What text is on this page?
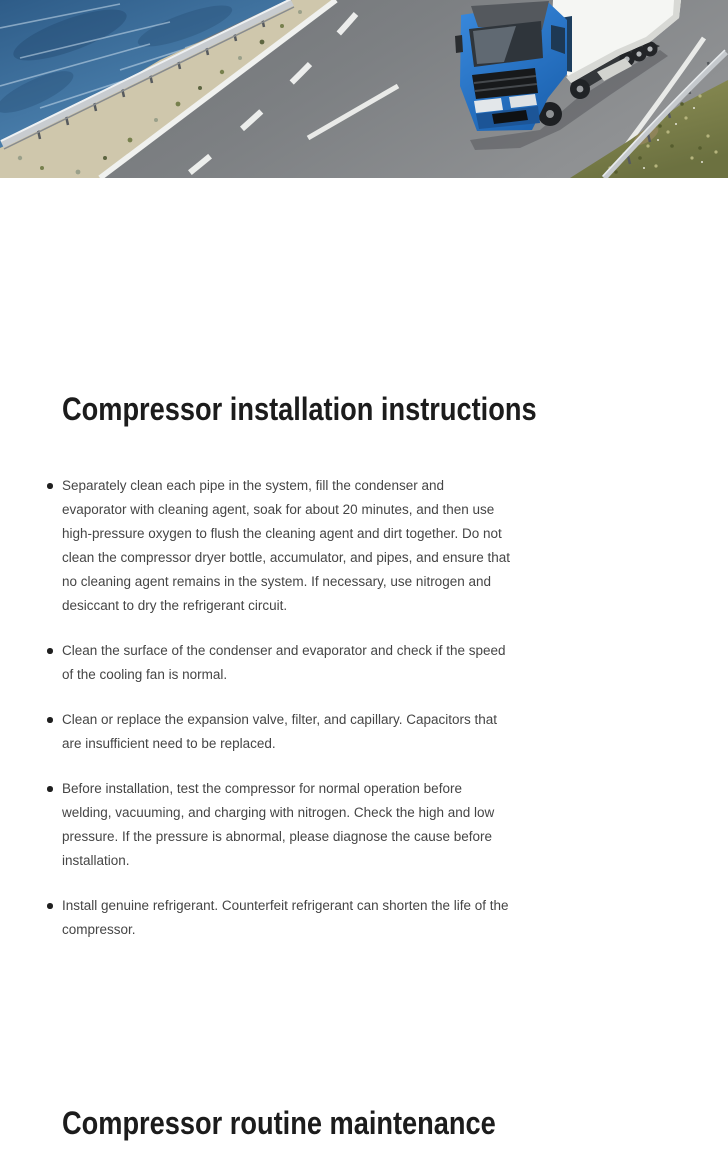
Compressor installation instructions
Separately clean each pipe in the system, fill the condenser and evaporator with cleaning agent, soak for about 20 minutes, and then use high-pressure oxygen to flush the cleaning agent and dirt together. Do not clean the compressor dryer bottle, accumulator, and pipes, and ensure that no cleaning agent remains in the system. If necessary, use nitrogen and desiccant to dry the refrigerant circuit.
Clean the surface of the condenser and evaporator and check if the speed of the cooling fan is normal.
Clean or replace the expansion valve, filter, and capillary. Capacitors that are insufficient need to be replaced.
Before installation, test the compressor for normal operation before welding, vacuuming, and charging with nitrogen. Check the high and low pressure. If the pressure is abnormal, please diagnose the cause before installation.
Install genuine refrigerant. Counterfeit refrigerant can shorten the life of the compressor.
Compressor routine maintenance
